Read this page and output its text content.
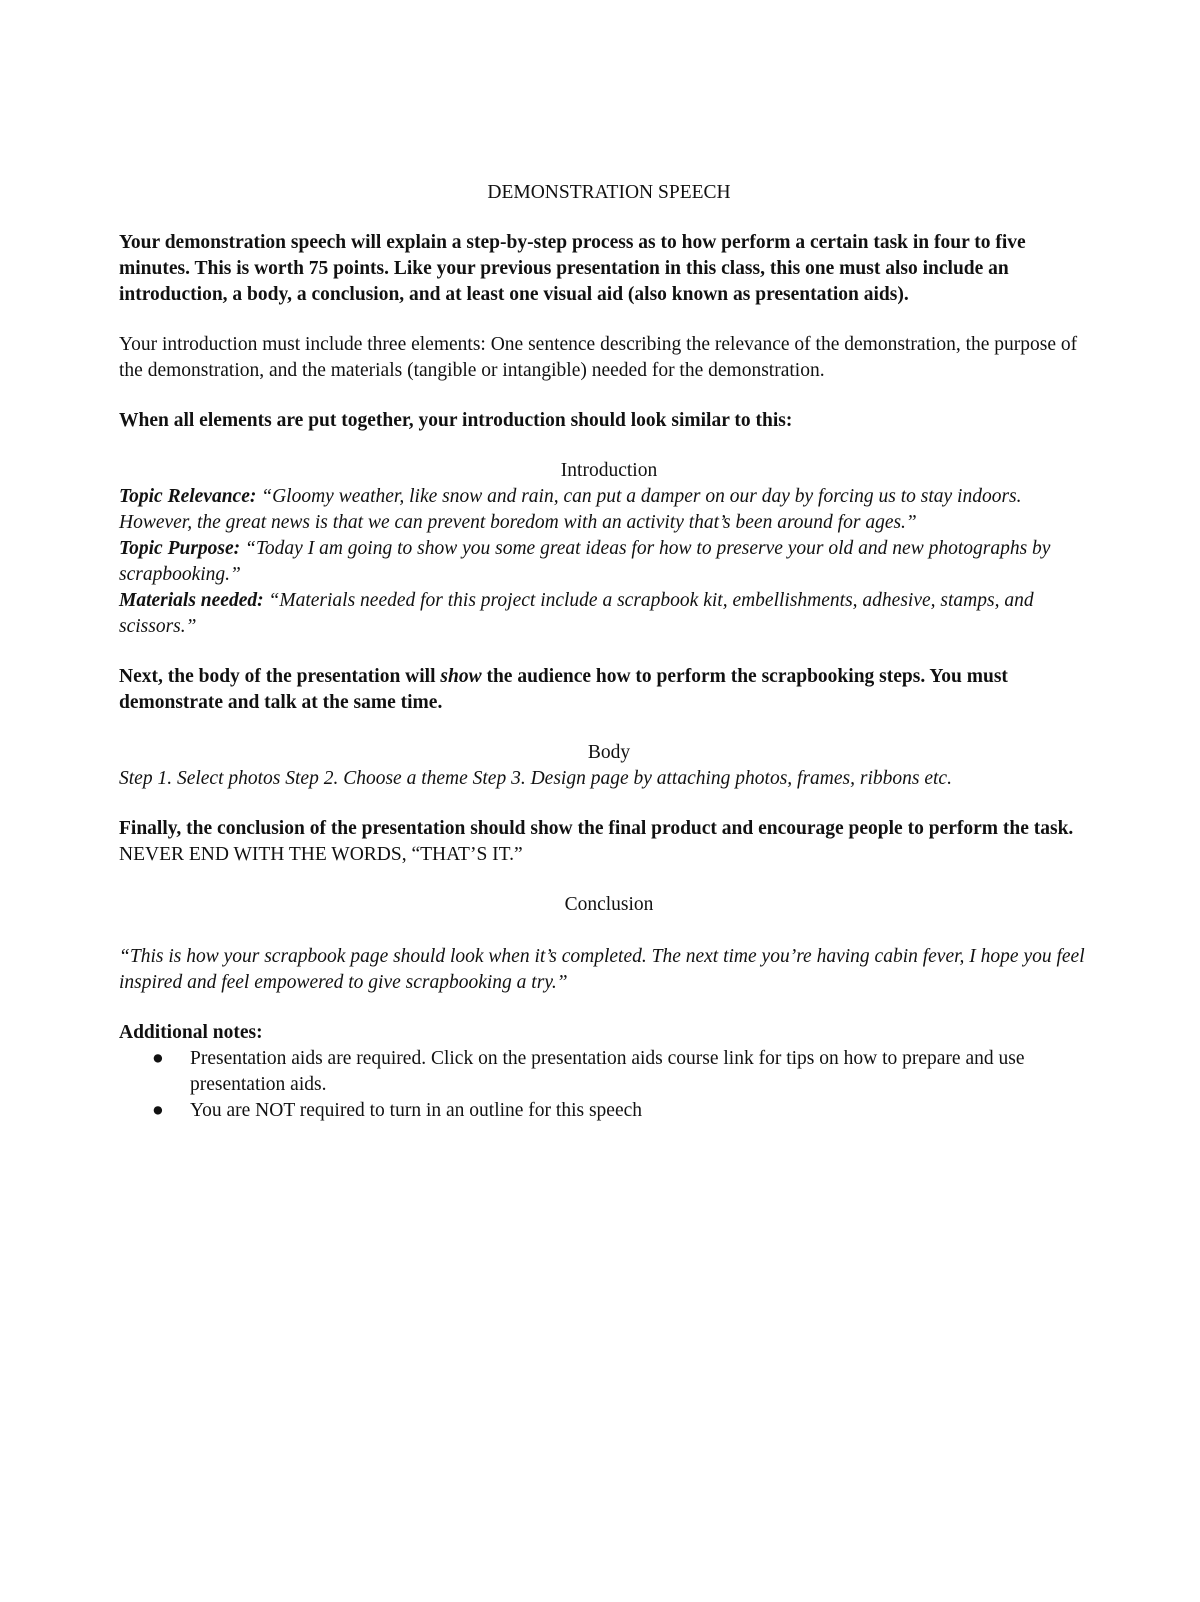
DEMONSTRATION SPEECH

Your demonstration speech will explain a step-by-step process as to how perform a certain task in four to five minutes. This is worth 75 points. Like your previous presentation in this class, this one must also include an introduction, a body, a conclusion, and at least one visual aid (also known as presentation aids).

Your introduction must include three elements: One sentence describing the relevance of the demonstration, the purpose of the demonstration, and the materials (tangible or intangible) needed for the demonstration.

When all elements are put together, your introduction should look similar to this:

Introduction

Topic Relevance: “Gloomy weather, like snow and rain, can put a damper on our day by forcing us to stay indoors. However, the great news is that we can prevent boredom with an activity that’s been around for ages.”

Topic Purpose: “Today I am going to show you some great ideas for how to preserve your old and new photographs by scrapbooking.”

Materials needed: “Materials needed for this project include a scrapbook kit, embellishments, adhesive, stamps, and scissors.”

Next, the body of the presentation will show the audience how to perform the scrapbooking steps. You must demonstrate and talk at the same time.

Body

Step 1. Select photos Step 2. Choose a theme Step 3. Design page by attaching photos, frames, ribbons etc.

Finally, the conclusion of the presentation should show the final product and encourage people to perform the task. NEVER END WITH THE WORDS, “THAT’S IT.”

Conclusion

“This is how your scrapbook page should look when it’s completed. The next time you’re having cabin fever, I hope you feel inspired and feel empowered to give scrapbooking a try.”

Additional notes:

● Presentation aids are required. Click on the presentation aids course link for tips on how to prepare and use presentation aids.
● You are NOT required to turn in an outline for this speech
